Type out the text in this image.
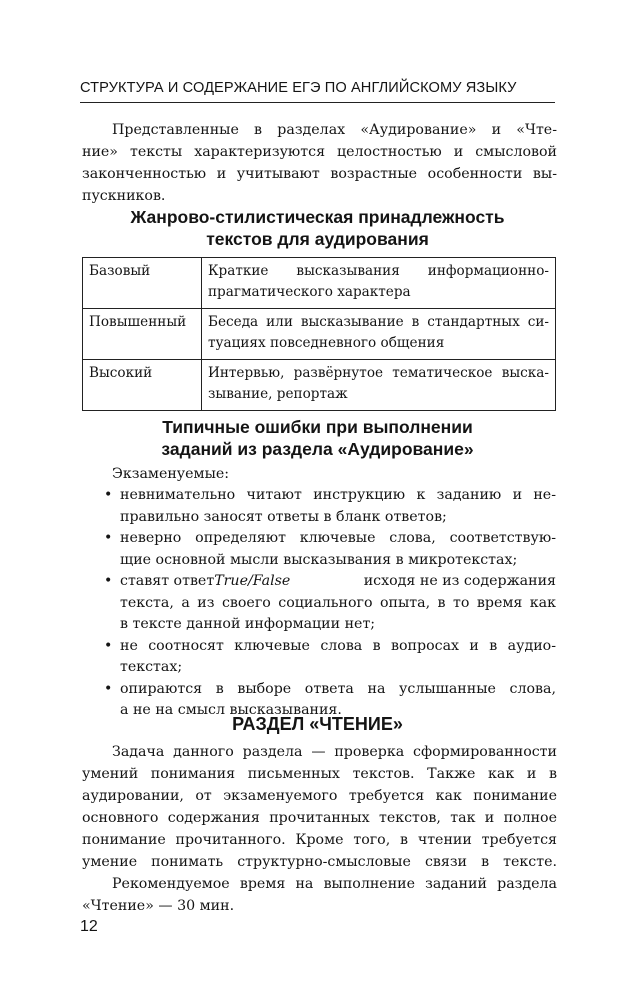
СТРУКТУРА И СОДЕРЖАНИЕ ЕГЭ ПО АНГЛИЙСКОМУ ЯЗЫКУ
Представленные в разделах «Аудирование» и «Чте-
ние» тексты характеризуются целостностью и смысловой
законченностью и учитывают возрастные особенности вы-
пускников.
Жанрово-стилистическая принадлежность
текстов для аудирования
Базовый	Краткие высказывания информационно-
прагматического характера

Повышенный	Беседа или высказывание в стандартных си-
туациях повседневного общения

Высокий	Интервью, развёрнутое тематическое выска-
зывание, репортаж
Типичные ошибки при выполнении
заданий из раздела «Аудирование»
Экзаменуемые:
• невнимательно читают инструкцию к заданию и не-
правильно заносят ответы в бланк ответов;
• неверно определяют ключевые слова, соответствую-
щие основной мысли высказывания в микротекстах;
• ставят ответ True/False	исходя не из содержания
текста, а из своего социального опыта, в то время как
в тексте данной информации нет;
• не соотносят ключевые слова в вопросах и в аудио-
текстах;
• опираются в выборе ответа на услышанные слова,
а не на смысл высказывания.
РАЗДЕЛ «ЧТЕНИЕ»
Задача данного раздела — проверка сформированности
умений понимания письменных текстов. Также как и в
аудировании, от экзаменуемого требуется как понимание
основного содержания прочитанных текстов, так и полное
понимание прочитанного. Кроме того, в чтении требуется
умение понимать структурно-смысловые связи в тексте.
Рекомендуемое время на выполнение заданий раздела
«Чтение» — 30 мин.
12
